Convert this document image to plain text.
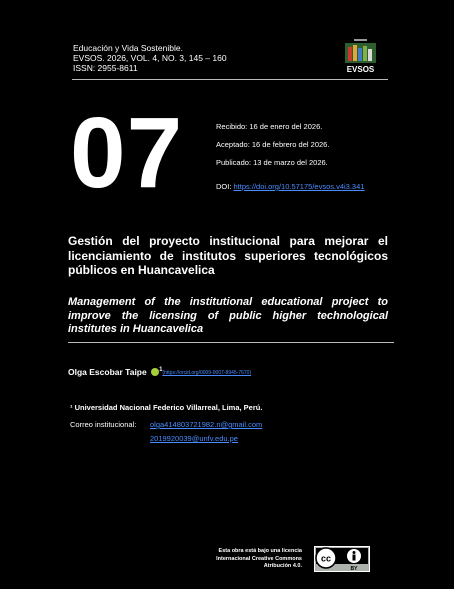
Educación y Vida Sostenible.
EVSOS. 2026, VOL. 4, NO. 3, 145 – 160
ISSN: 2955-8611	EVSOS
07	Recibido: 16 de enero del 2026.
Aceptado: 16 de febrero del 2026.
Publicado: 13 de marzo del 2026.
DOI: https://doi.org/10.57175/evsos.v4i3.341
Gestión del proyecto institucional para mejorar el licenciamiento de institutos superiores tecnológicos públicos en Huancavelica
Management of the institutional educational project to improve the licensing of public higher technological institutes in Huancavelica
Olga Escobar Taipe $^1$(https://orcid.org/0009-0007-8945-7670)
¹ Universidad Nacional Federico Villarreal, Lima, Perú.
Correo institucional: olga414803721982.n@gmail.com
2019920039@unfv.edu.pe
Esta obra está bajo una licencia Internacional Creative Commons Atribución 4.0.
cc
BY
